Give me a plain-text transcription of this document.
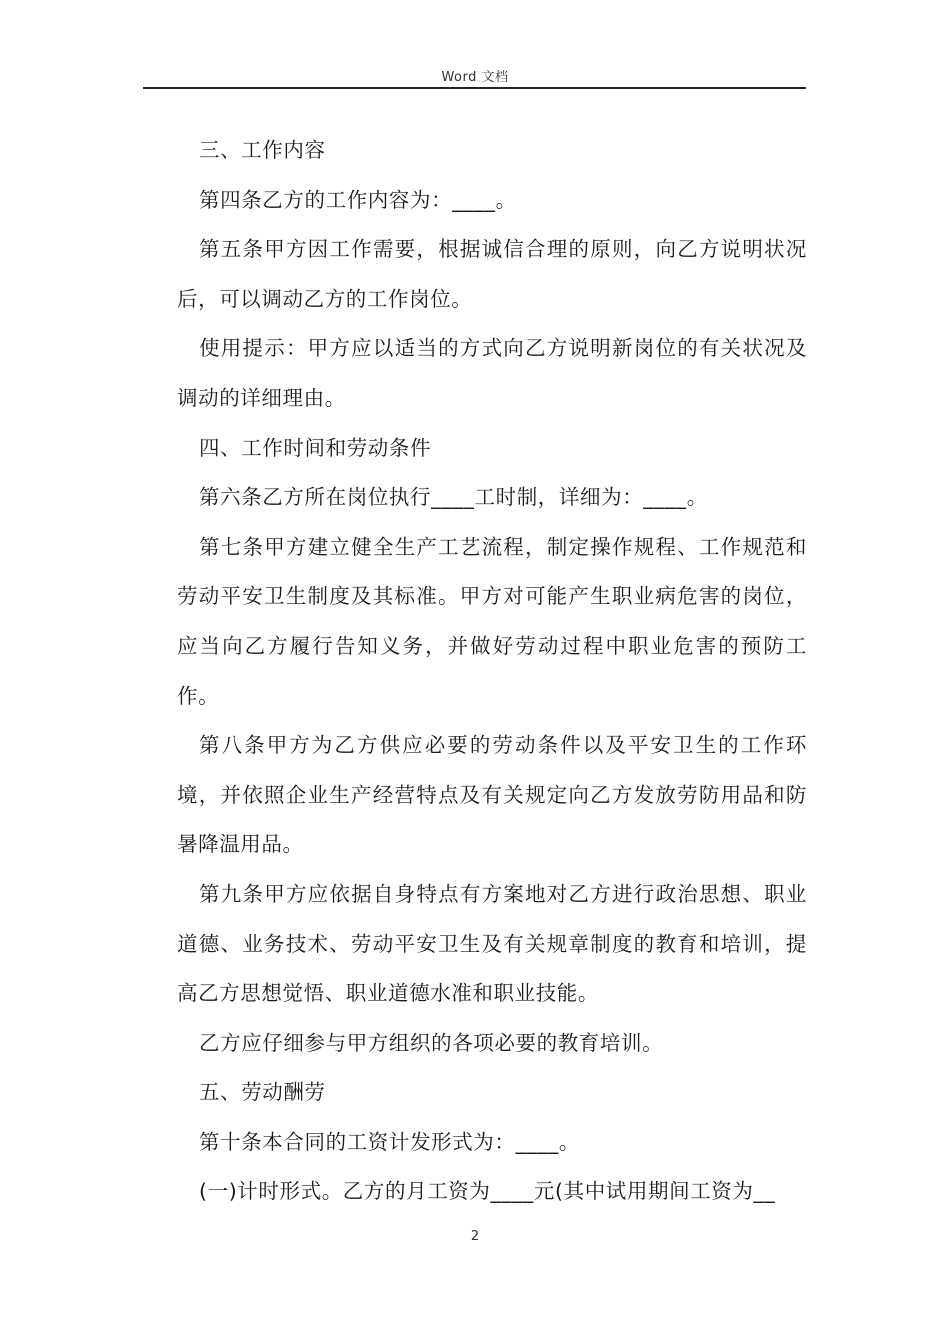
Word 文档

三、工作内容

第四条乙方的工作内容为：____。

第五条甲方因工作需要，根据诚信合理的原则，向乙方说明状况后，可以调动乙方的工作岗位。

使用提示：甲方应以适当的方式向乙方说明新岗位的有关状况及调动的详细理由。

四、工作时间和劳动条件

第六条乙方所在岗位执行____工时制，详细为：____。

第七条甲方建立健全生产工艺流程，制定操作规程、工作规范和劳动平安卫生制度及其标准。甲方对可能产生职业病危害的岗位，应当向乙方履行告知义务，并做好劳动过程中职业危害的预防工作。

第八条甲方为乙方供应必要的劳动条件以及平安卫生的工作环境，并依照企业生产经营特点及有关规定向乙方发放劳防用品和防暑降温用品。

第九条甲方应依据自身特点有方案地对乙方进行政治思想、职业道德、业务技术、劳动平安卫生及有关规章制度的教育和培训，提高乙方思想觉悟、职业道德水准和职业技能。

乙方应仔细参与甲方组织的各项必要的教育培训。

五、劳动酬劳

第十条本合同的工资计发形式为：____。

(一)计时形式。乙方的月工资为____元(其中试用期间工资为__

2
